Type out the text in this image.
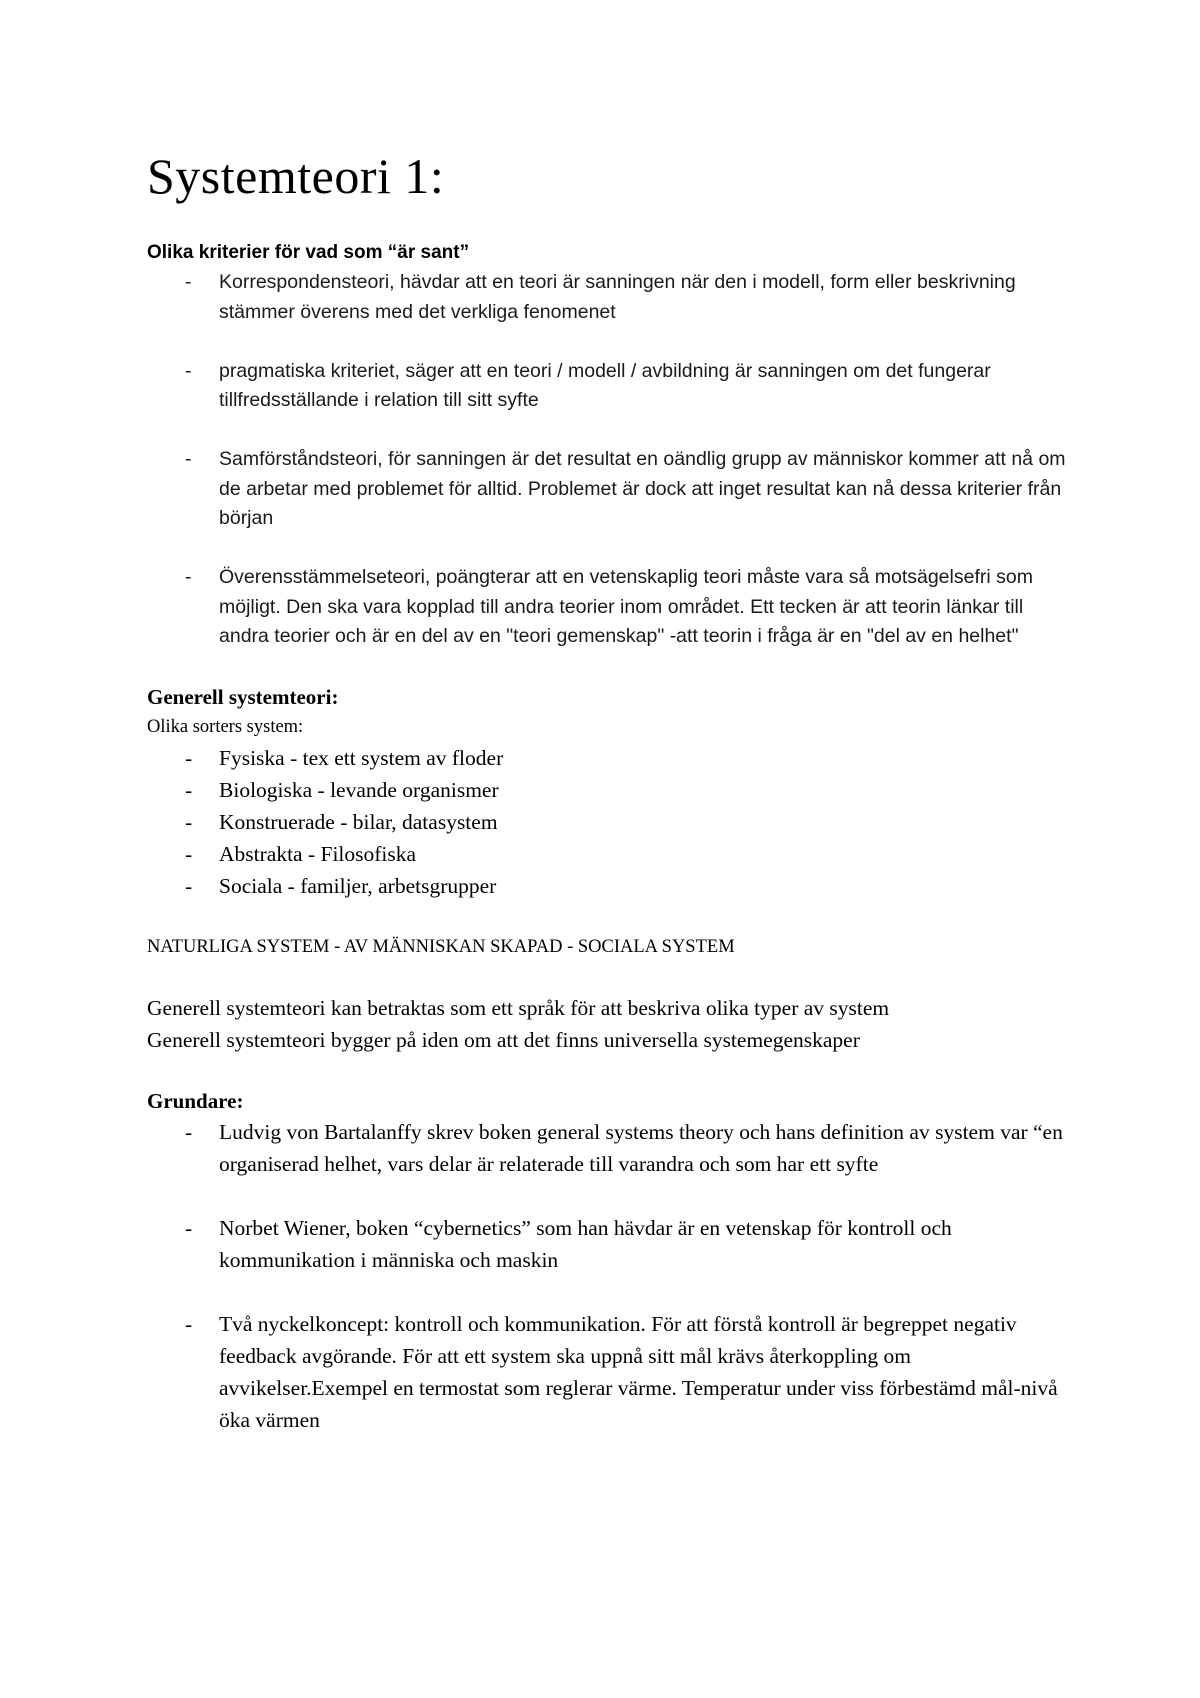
Systemteori 1:
Olika kriterier för vad som “är sant”
- Korrespondensteori, hävdar att en teori är sanningen när den i modell, form eller beskrivning stämmer överens med det verkliga fenomenet
- pragmatiska kriteriet, säger att en teori / modell / avbildning är sanningen om det fungerar tillfredsställande i relation till sitt syfte
- Samförståndsteori, för sanningen är det resultat en oändlig grupp av människor kommer att nå om de arbetar med problemet för alltid. Problemet är dock att inget resultat kan nå dessa kriterier från början
- Överensstämmelseteori, poängterar att en vetenskaplig teori måste vara så motsägelsefri som möjligt. Den ska vara kopplad till andra teorier inom området. Ett tecken är att teorin länkar till andra teorier och är en del av en "teori gemenskap" -att teorin i fråga är en "del av en helhet"
Generell systemteori:
Olika sorters system:
- Fysiska - tex ett system av floder
- Biologiska - levande organismer
- Konstruerade - bilar, datasystem
- Abstrakta - Filosofiska
- Sociala - familjer, arbetsgrupper
NATURLIGA SYSTEM - AV MÄNNISKAN SKAPAD - SOCIALA SYSTEM

Generell systemteori kan betraktas som ett språk för att beskriva olika typer av system

Generell systemteori bygger på iden om att det finns universella systemegenskaper

Grundare:
- Ludvig von Bartalanffy skrev boken general systems theory och hans definition av system var “en organiserad helhet, vars delar är relaterade till varandra och som har ett syfte
- Norbet Wiener, boken “cybernetics” som han hävdar är en vetenskap för kontroll och kommunikation i människa och maskin
- Två nyckelkoncept: kontroll och kommunikation. För att förstå kontroll är begreppet negativ feedback avgörande. För att ett system ska uppnå sitt mål krävs återkoppling om avvikelser.Exempel en termostat som reglerar värme. Temperatur under viss förbestämd mål-nivå öka värmen
